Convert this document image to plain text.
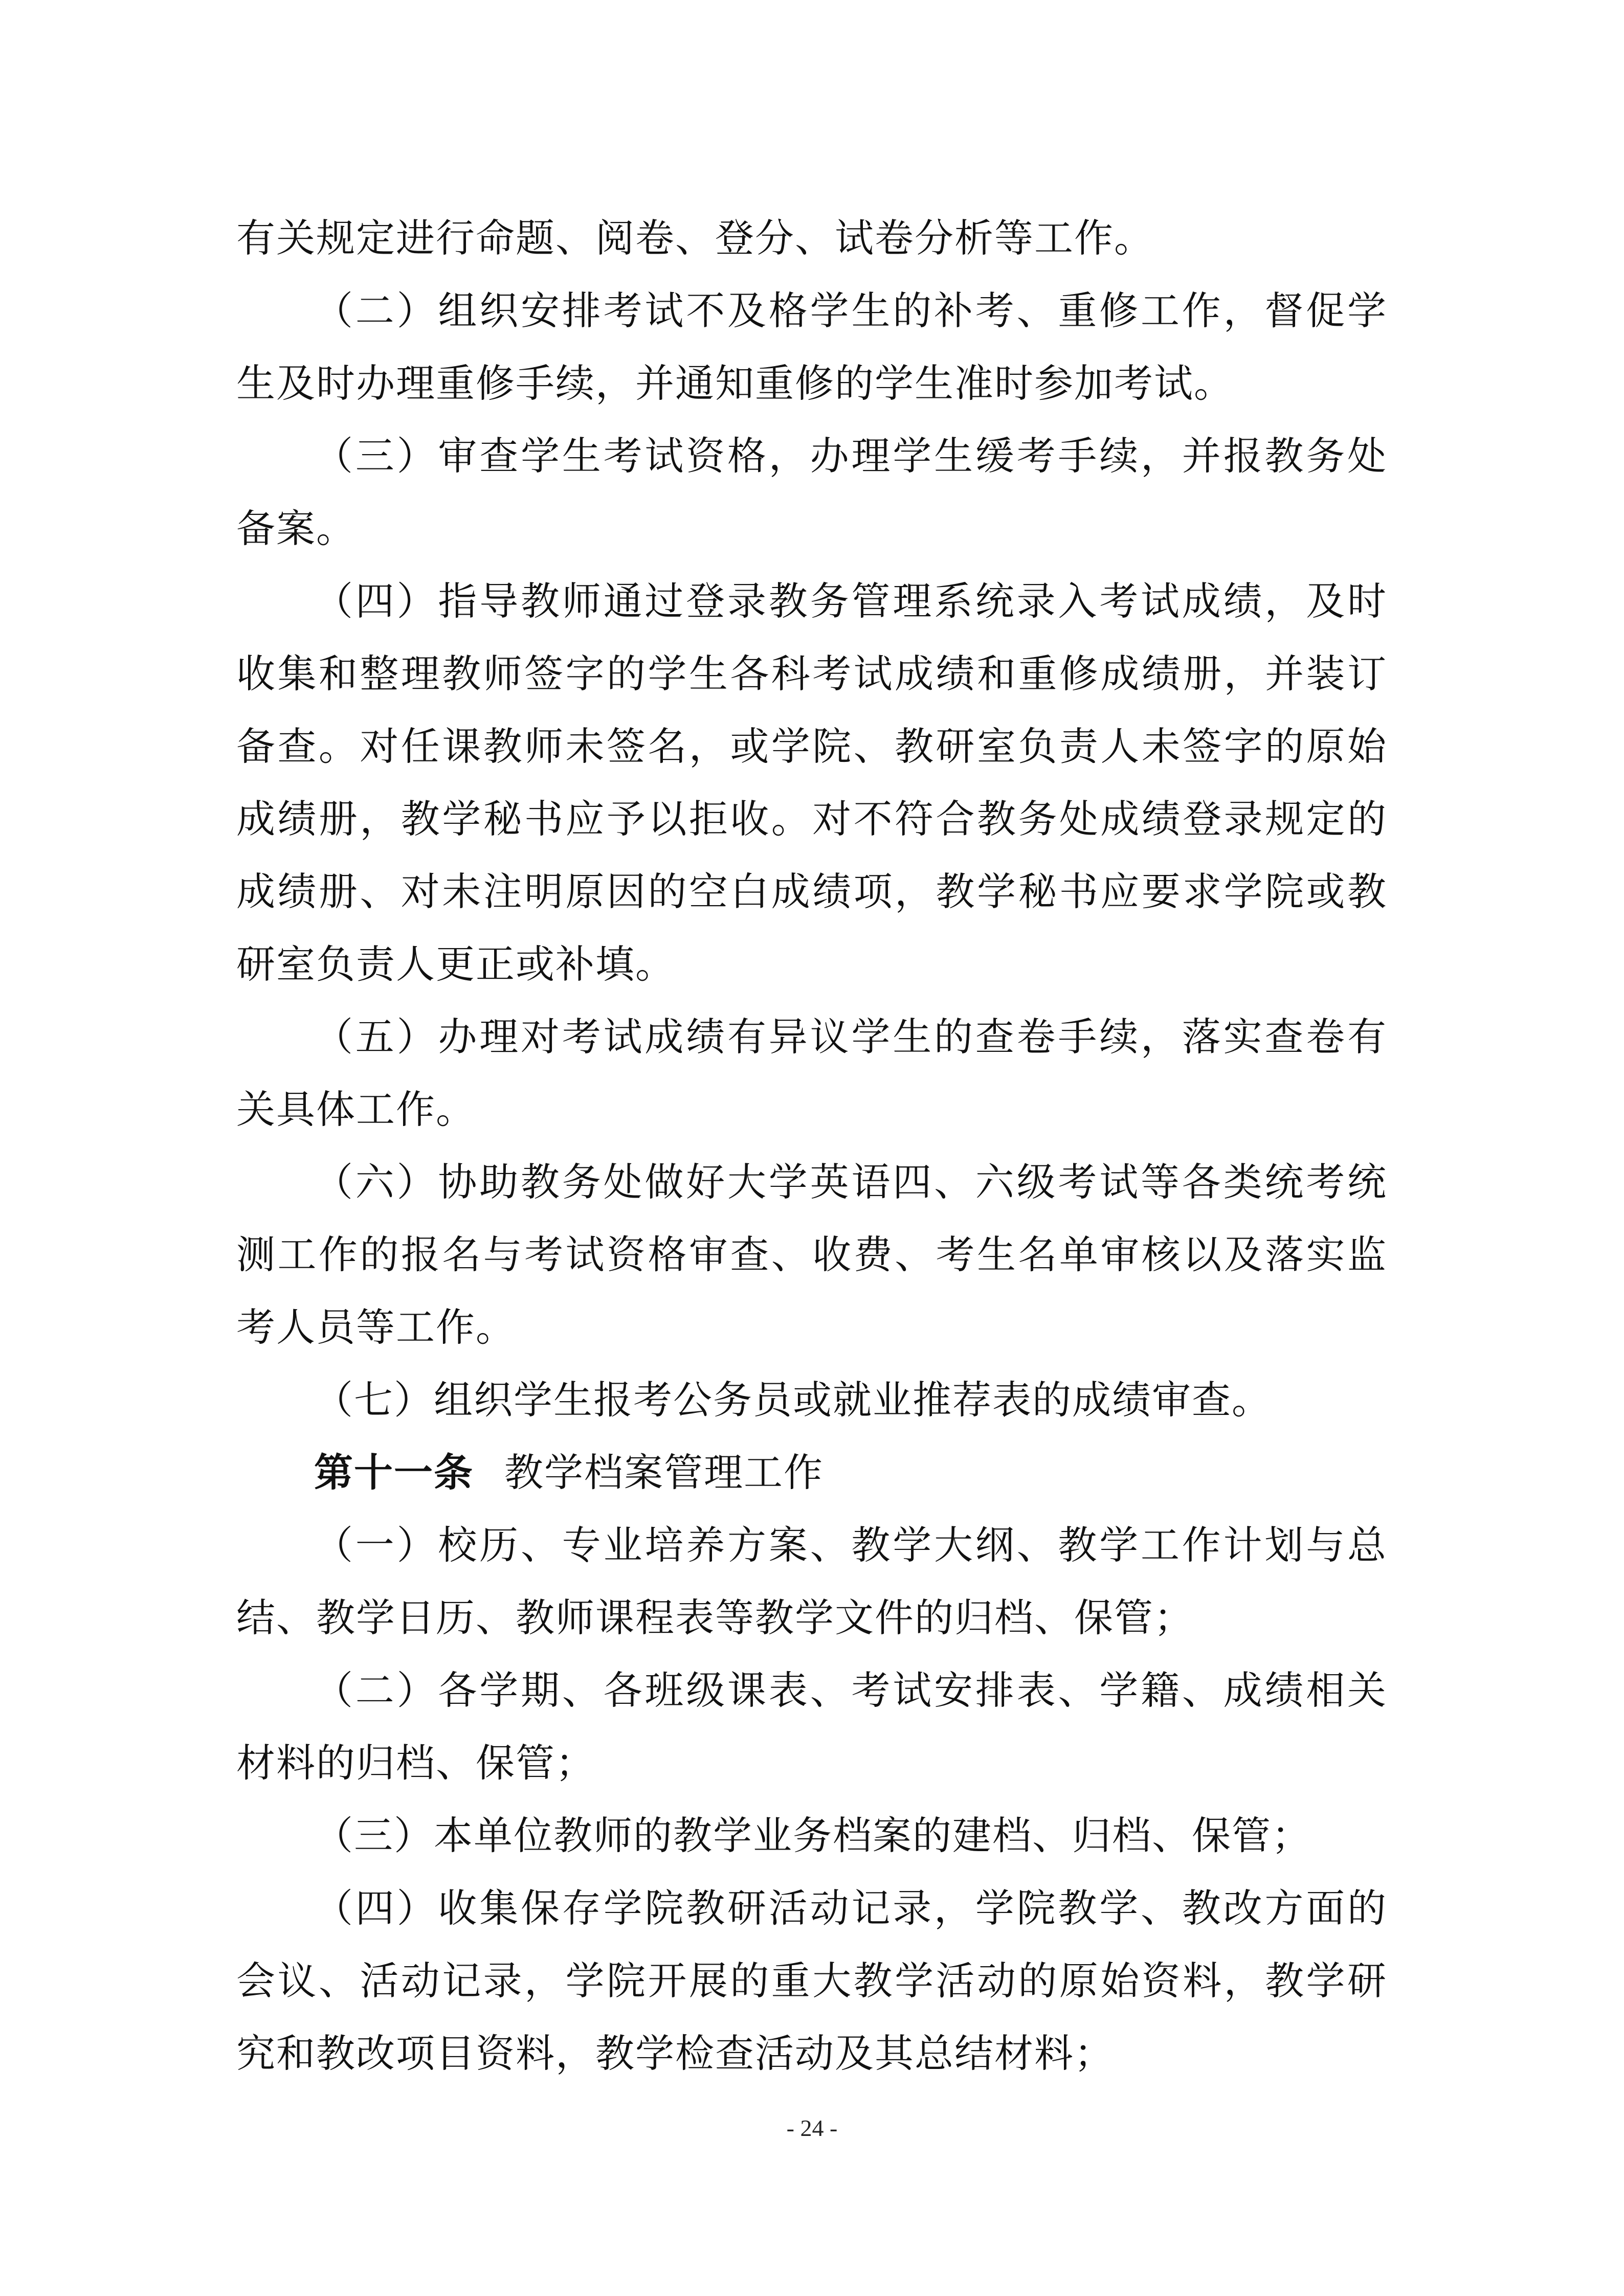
有关规定进行命题、阅卷、登分、试卷分析等工作。

（二）组织安排考试不及格学生的补考、重修工作，督促学生及时办理重修手续，并通知重修的学生准时参加考试。

（三）审查学生考试资格，办理学生缓考手续，并报教务处备案。

（四）指导教师通过登录教务管理系统录入考试成绩，及时收集和整理教师签字的学生各科考试成绩和重修成绩册，并装订备查。对任课教师未签名，或学院、教研室负责人未签字的原始成绩册，教学秘书应予以拒收。对不符合教务处成绩登录规定的成绩册、对未注明原因的空白成绩项，教学秘书应要求学院或教研室负责人更正或补填。

（五）办理对考试成绩有异议学生的查卷手续，落实查卷有关具体工作。

（六）协助教务处做好大学英语四、六级考试等各类统考统测工作的报名与考试资格审查、收费、考生名单审核以及落实监考人员等工作。

（七）组织学生报考公务员或就业推荐表的成绩审查。

第十一条 教学档案管理工作

（一）校历、专业培养方案、教学大纲、教学工作计划与总结、教学日历、教师课程表等教学文件的归档、保管；

（二）各学期、各班级课表、考试安排表、学籍、成绩相关材料的归档、保管；

（三）本单位教师的教学业务档案的建档、归档、保管；

（四）收集保存学院教研活动记录，学院教学、教改方面的会议、活动记录，学院开展的重大教学活动的原始资料，教学研究和教改项目资料，教学检查活动及其总结材料；

- 24 -
